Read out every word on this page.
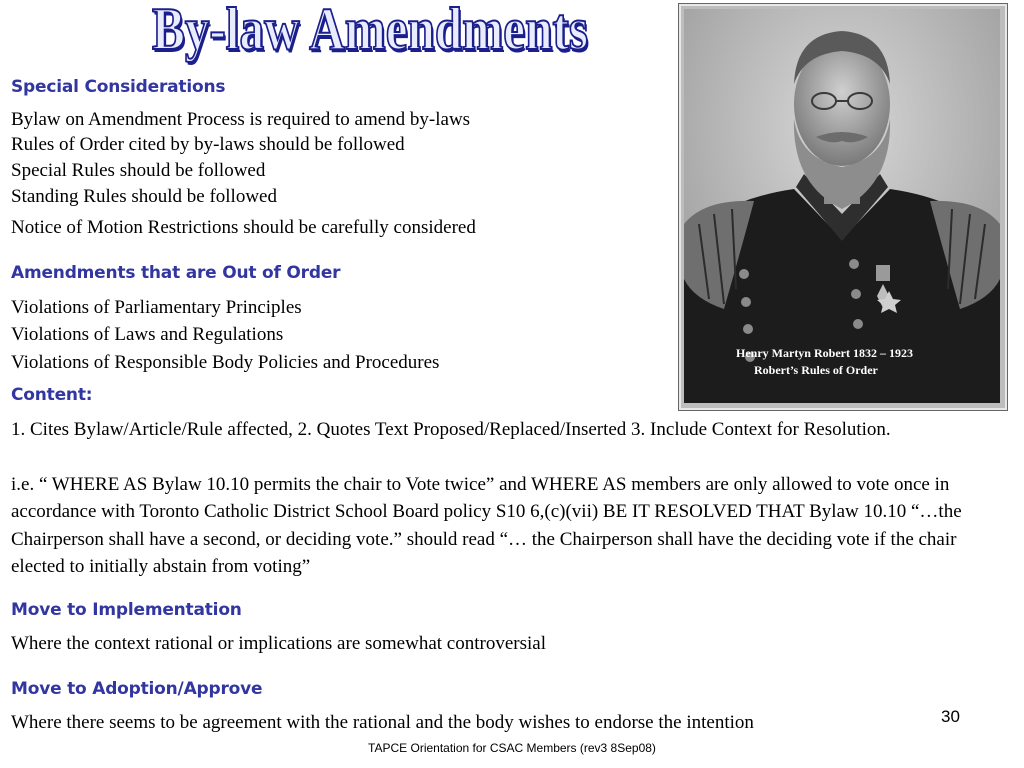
By-law Amendments
Special Considerations

Bylaw on Amendment Process is required to amend by-laws

Rules of Order cited by by-laws should be followed

Special Rules should be followed

Standing Rules should be followed

Notice of Motion Restrictions should be carefully considered

Amendments that are Out of Order

Violations of Parliamentary Principles

Violations of Laws and Regulations

Violations of Responsible Body Policies and Procedures

Content:

1. Cites Bylaw/Article/Rule affected, 2. Quotes Text Proposed/Replaced/Inserted 3. Include Context for Resolution.

i.e. “ WHERE AS Bylaw 10.10 permits the chair to Vote twice” and WHERE AS members are only allowed to vote once in accordance with Toronto Catholic District School Board policy S10 6,(c)(vii) BE IT RESOLVED THAT Bylaw 10.10 “…the Chairperson shall have a second, or deciding vote.” should read “… the Chairperson shall have the deciding vote if the chair elected to initially abstain from voting”

Move to Implementation

Where the context rational or implications are somewhat controversial

Move to Adoption/Approve

Where there seems to be agreement with the rational and the body wishes to endorse the intention

Henry Martyn Robert 1832 – 1923
Robert’s Rules of Order
30
TAPCE Orientation for CSAC Members (rev3 8Sep08)
